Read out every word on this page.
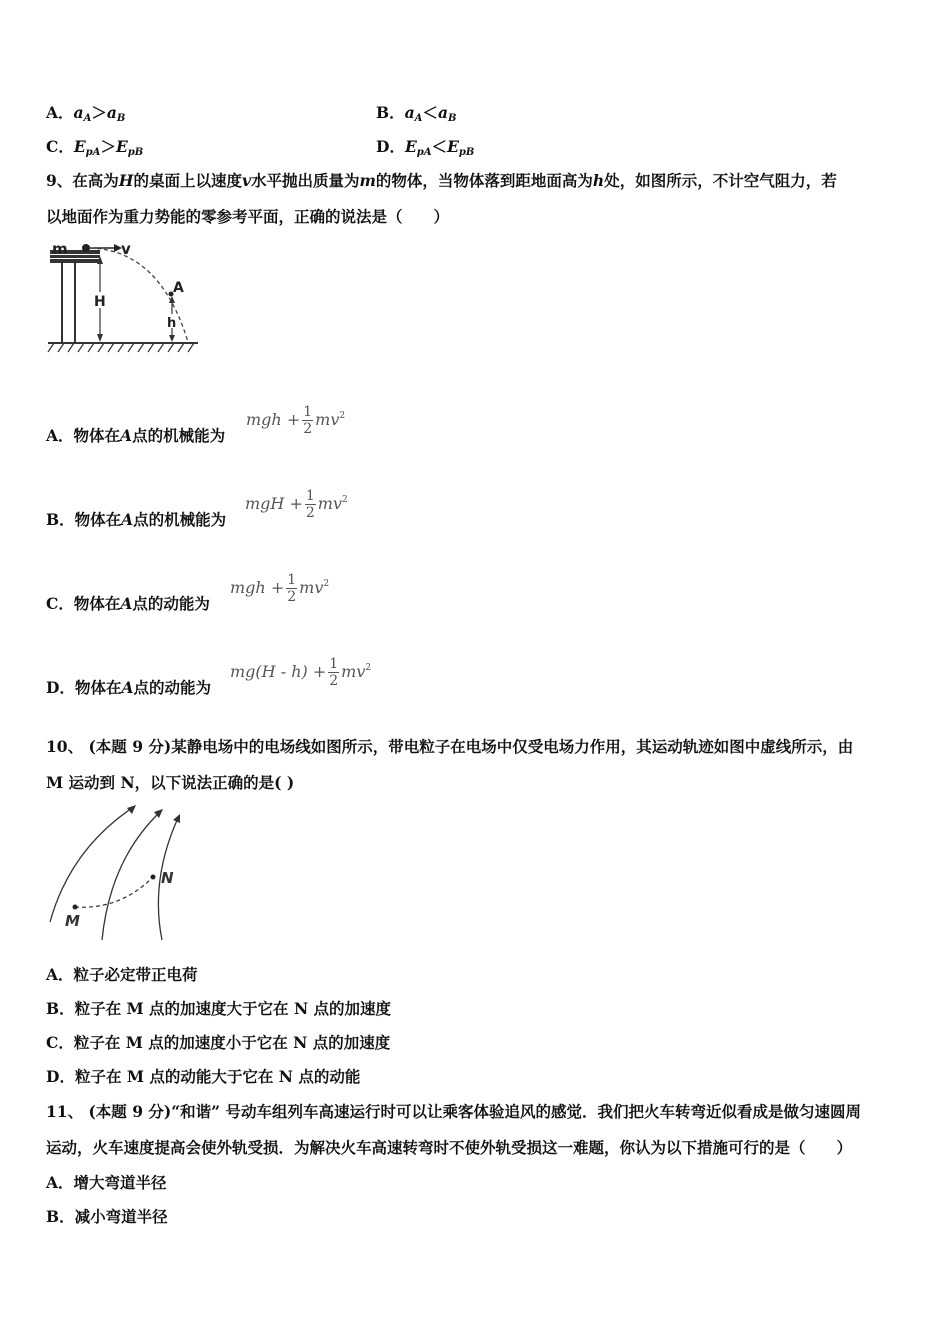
A．$a_A>a_B$	B．$a_A<a_B$
C．$E_{pA}>E_{pB}$	D．$E_{pA}<E_{pB}$
9、在高为H的桌面上以速度v水平抛出质量为m的物体，当物体落到距地面高为h处，如图所示，不计空气阻力，若
以地面作为重力势能的零参考平面，正确的说法是（　　）
m	v
H
A
h
A．物体在A点的机械能为
mgh + $\frac{1}{2} mv^2$
B．物体在A点的机械能为
mgH + $\frac{1}{2} mv^2$
C．物体在A点的动能为
mgh + $\frac{1}{2} mv^2$
D．物体在A点的动能为
$mg(H - h) + \frac{1}{2} mv^2$
10、 (本题 9 分)某静电场中的电场线如图所示，带电粒子在电场中仅受电场力作用，其运动轨迹如图中虚线所示，由
M 运动到 N，以下说法正确的是( )
M
N
A．粒子必定带正电荷
B．粒子在 M 点的加速度大于它在 N 点的加速度
C．粒子在 M 点的加速度小于它在 N 点的加速度
D．粒子在 M 点的动能大于它在 N 点的动能
11、 (本题 9 分)“和谐” 号动车组列车高速运行时可以让乘客体验追风的感觉．我们把火车转弯近似看成是做匀速圆周
运动，火车速度提高会使外轨受损．为解决火车高速转弯时不使外轨受损这一难题，你认为以下措施可行的是（　　）
A．增大弯道半径
B．减小弯道半径
